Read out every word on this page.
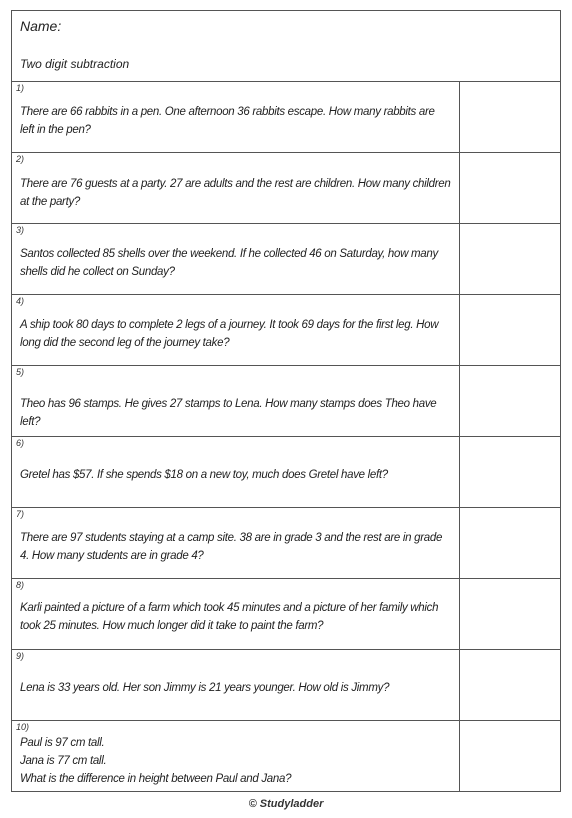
Name:
Two digit subtraction
1)
There are 66 rabbits in a pen. One afternoon 36 rabbits escape. How many rabbits are left in the pen?
2)
There are 76 guests at a party. 27 are adults and the rest are children. How many children at the party?
3)
Santos collected 85 shells over the weekend. If he collected 46 on Saturday, how many shells did he collect on Sunday?
4)
A ship took 80 days to complete 2 legs of a journey. It took 69 days for the first leg. How long did the second leg of the journey take?
5)
Theo has 96 stamps. He gives 27 stamps to Lena. How many stamps does Theo have left?
6)
Gretel has $57. If she spends $18 on a new toy, much does Gretel have left?
7)
There are 97 students staying at a camp site. 38 are in grade 3 and the rest are in grade 4. How many students are in grade 4?
8)
Karli painted a picture of a farm which took 45 minutes and a picture of her family which took 25 minutes. How much longer did it take to paint the farm?
9)
Lena is 33 years old. Her son Jimmy is 21 years younger. How old is Jimmy?
10)
Paul is 97 cm tall.
Jana is 77 cm tall.
What is the difference in height between Paul and Jana?
© Studyladder
